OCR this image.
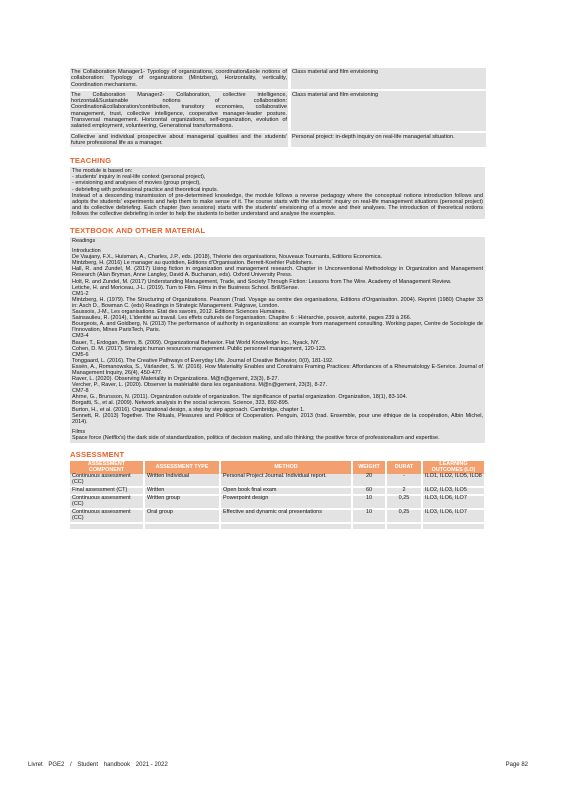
The Collaboration Manager1- Typology of organizations, coordination&sole notions of collaboration: Typology of organizations (Mintzberg), Horizontality, verticality, Coordination mechanisms.	Class material and film envisioning
The Collaboration Manager2- Collaboration, collective intelligence, horizontal&Sustainable notions of collaboration: Coordination&collaboration/contribution, transitory economies, collaborative management, trust, collective intelligence, cooperative manager-leader posture. Transversal management. Horizontal organizations, self-organization, evolution of salaried employment, volunteering, Generational transformations.	Class material and film envisioning
Collective and individual prospective about managerial qualities and the students' future professional life as a manager.	Personal project: in-depth inquiry on real-life managerial situation.
TEACHING

The module is based on:

- students' inquiry in real-life context (personal project),

- envisioning and analyses of movies (group project),

- debriefing with professional practice and theoretical inputs.

Instead of a descending transmission of pre-determined knowledge, the module follows a reverse pedagogy where the conceptual notions introduction follows and adopts the students' experiments and help them to make sense of it. The course starts with the students' inquiry on real-life management situations (personal project) and its collective debriefing. Each chapter (two sessions) starts with the students' envisioning of a movie and their analyses. The introduction of theoretical notions follows the collective debriefing in order to help the students to better understand and analyse the examples.

TEXTBOOK AND OTHER MATERIAL

Readings

Introduction

De Vaujany, F.X., Huisman, A., Charles, J.P., eds. (2018), Théorie des organisations, Nouveaux Tournants, Editions Economica.

Mintzberg, H. (2016) Le manager au quotidien, Editions d'Organisation. Berrett-Koehler Publishers.

Hall, R. and Zundel, M. (2017) Using fiction in organization and management research. Chapter in Unconventional Methodology in Organization and Management Research (Alan Bryman, Anne Langley, David A. Buchanan, eds). Oxford University Press.

Holt, R. and Zundel, M. (2017) Understanding Management, Trade, and Society Through Fiction: Lessons from The Wire. Academy of Management Review.

Letiche, H. and Moriceau, J-L. (2019). Turn to Film. Films in the Business School. Brill/Sense.

CM1-2

Mintzberg, H. (1979). The Structuring of Organizations. Pearson (Trad. Voyage au centre des organisations, Editions d'Organisation. 2004). Reprint (1980) Chapter 33 in: Asch D., Bowman C. (eds) Readings in Strategic Management. Palgrave, London.

Saussois, J-M., Les organisations. Etat des savoirs, 2012. Editions Sciences Humaines.

Sainsaulieu, R. (2014), L'identité au travail. Les effets culturels de l'organisation. Chapitre 6 : Hiérarchie, pouvoir, autorité, pages 239 à 266.

Bourgeois, A. and Goldberg, N. (2013) The performance of authority in organizations: an example from management consulting. Working paper, Centre de Sociologie de l'Innovation, Mines ParisTech, Paris.

CM3-4

Bauer, T., Erdogan, Berrin, B. (2009). Organizational Behavior. Flat World Knowledge Inc., Nyack, NY.

Cohen, D. M. (2017). Strategic human resources management. Public personnel management, 120-123.

CM5-6

Tonggaard, L. (2016). The Creative Pathways of Everyday Life. Journal of Creative Behavior, 0(0), 181-192.

Essén, A., Romanowska, S., Värlander, S. W. (2016). How Materiality Enables and Constrains Framing Practices: Affordances of a Rheumatology E-Service. Journal of Management Inquiry, 26(4), 450-477.

Raver, L. (2020). Observing Materiality in Organizations. M@n@gement, 23(3), 8-27.

Vercher, P., Raver, L. (2020). Observer la matérialité dans les organisations. M@n@gement, 23(3), 8-27.

CM7-8

Ahrne, G., Brunsson, N. (2011). Organization outside of organization. The significance of partial organization. Organization, 18(1), 83-104.

Borgatti, S., et al. (2009). Network analysis in the social sciences. Science, 323, 892-895.

Burton, H., et al. (2016). Organizational design, a step by step approach. Cambridge, chapter 1.

Sennett, R. (2013) Together. The Rituals, Pleasures and Politics of Cooperation. Penguin, 2013 (trad. Ensemble, pour une éthique de la coopération, Albin Michel, 2014).

Films

Space force (Netflix's) the dark side of standardization, politics of decision making, and silo thinking; the positive force of professionalism and expertise.

ASSESSMENT
ASSESSMENT COMPONENT	ASSESSMENT TYPE	METHOD	WEIGHT	DURAT	LEARNING OUTCOMES (LO)
Continuous assessment (CC)	Written Individual	Personal Project Journal. Individual report.	20	-	ILO1, ILO2, ILO5, ILO8
Final assessment (CT)	Written	Open book final exam	60	2	ILO2, ILO3, ILO5
Continuous assessment (CC)	Written group	Powerpoint design	10	0,25	ILO3, ILO6, ILO7
Continuous assessment (CC)	Oral group	Effective and dynamic oral presentations	10	0,25	ILO3, ILO6, ILO7

Livret PGE2 / Student handbook 2021 - 2022	Page 82
